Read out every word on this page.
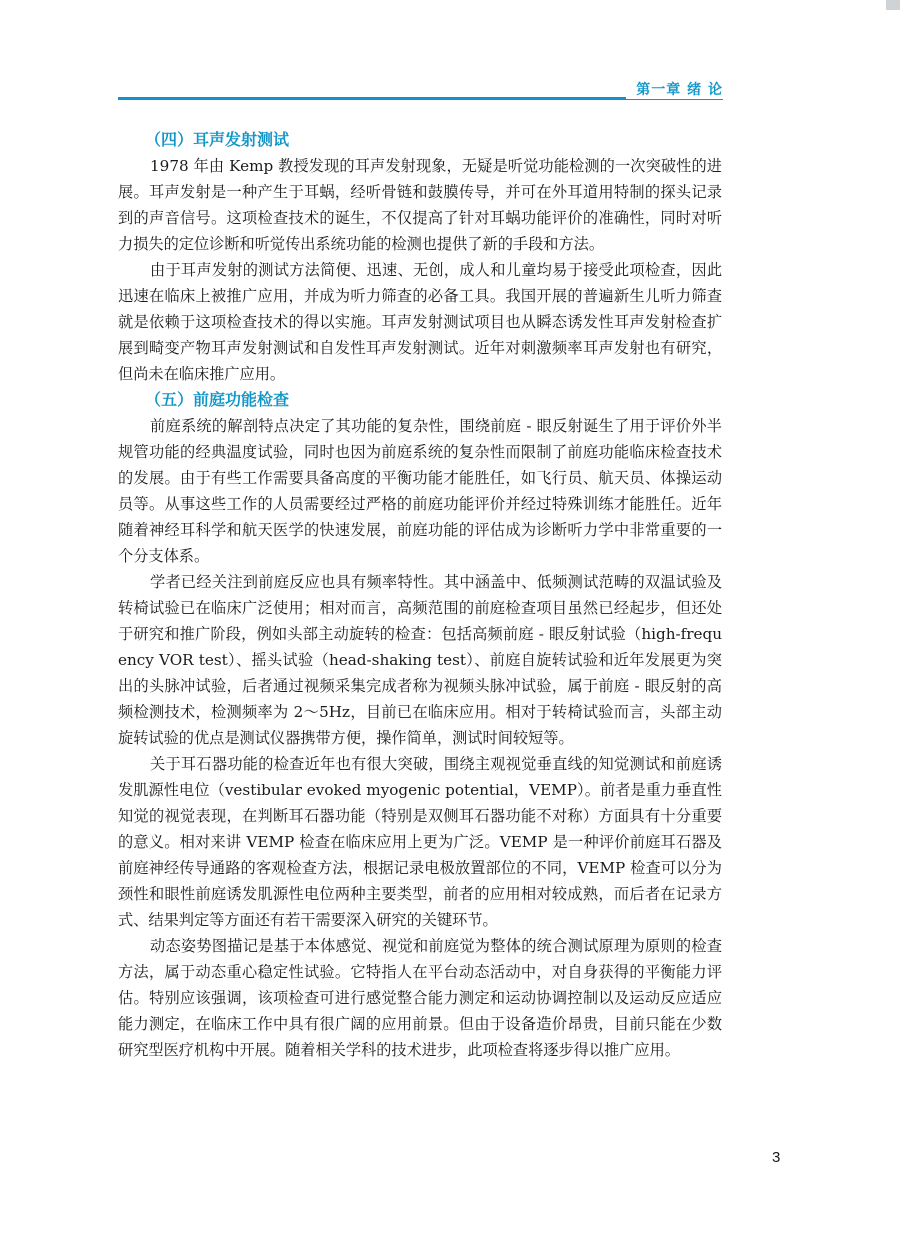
第一章 绪 论
（四）耳声发射测试

1978 年由 Kemp 教授发现的耳声发射现象，无疑是听觉功能检测的一次突破性的进展。耳声发射是一种产生于耳蜗，经听骨链和鼓膜传导，并可在外耳道用特制的探头记录到的声音信号。这项检查技术的诞生，不仅提高了针对耳蜗功能评价的准确性，同时对听力损失的定位诊断和听觉传出系统功能的检测也提供了新的手段和方法。

由于耳声发射的测试方法简便、迅速、无创，成人和儿童均易于接受此项检查，因此迅速在临床上被推广应用，并成为听力筛查的必备工具。我国开展的普遍新生儿听力筛查就是依赖于这项检查技术的得以实施。耳声发射测试项目也从瞬态诱发性耳声发射检查扩展到畸变产物耳声发射测试和自发性耳声发射测试。近年对刺激频率耳声发射也有研究，但尚未在临床推广应用。

（五）前庭功能检查

前庭系统的解剖特点决定了其功能的复杂性，围绕前庭 - 眼反射诞生了用于评价外半规管功能的经典温度试验，同时也因为前庭系统的复杂性而限制了前庭功能临床检查技术的发展。由于有些工作需要具备高度的平衡功能才能胜任，如飞行员、航天员、体操运动员等。从事这些工作的人员需要经过严格的前庭功能评价并经过特殊训练才能胜任。近年随着神经耳科学和航天医学的快速发展，前庭功能的评估成为诊断听力学中非常重要的一个分支体系。

学者已经关注到前庭反应也具有频率特性。其中涵盖中、低频测试范畴的双温试验及转椅试验已在临床广泛使用；相对而言，高频范围的前庭检查项目虽然已经起步，但还处于研究和推广阶段，例如头部主动旋转的检查：包括高频前庭 - 眼反射试验（high-frequency VOR test）、摇头试验（head-shaking test）、前庭自旋转试验和近年发展更为突出的头脉冲试验，后者通过视频采集完成者称为视频头脉冲试验，属于前庭 - 眼反射的高频检测技术，检测频率为 2～5Hz，目前已在临床应用。相对于转椅试验而言，头部主动旋转试验的优点是测试仪器携带方便，操作简单，测试时间较短等。

关于耳石器功能的检查近年也有很大突破，围绕主观视觉垂直线的知觉测试和前庭诱发肌源性电位（vestibular evoked myogenic potential，VEMP）。前者是重力垂直性知觉的视觉表现，在判断耳石器功能（特别是双侧耳石器功能不对称）方面具有十分重要的意义。相对来讲 VEMP 检查在临床应用上更为广泛。VEMP 是一种评价前庭耳石器及前庭神经传导通路的客观检查方法，根据记录电极放置部位的不同，VEMP 检查可以分为颈性和眼性前庭诱发肌源性电位两种主要类型，前者的应用相对较成熟，而后者在记录方式、结果判定等方面还有若干需要深入研究的关键环节。

动态姿势图描记是基于本体感觉、视觉和前庭觉为整体的统合测试原理为原则的检查方法，属于动态重心稳定性试验。它特指人在平台动态活动中，对自身获得的平衡能力评估。特别应该强调，该项检查可进行感觉整合能力测定和运动协调控制以及运动反应适应能力测定，在临床工作中具有很广阔的应用前景。但由于设备造价昂贵，目前只能在少数研究型医疗机构中开展。随着相关学科的技术进步，此项检查将逐步得以推广应用。

3
